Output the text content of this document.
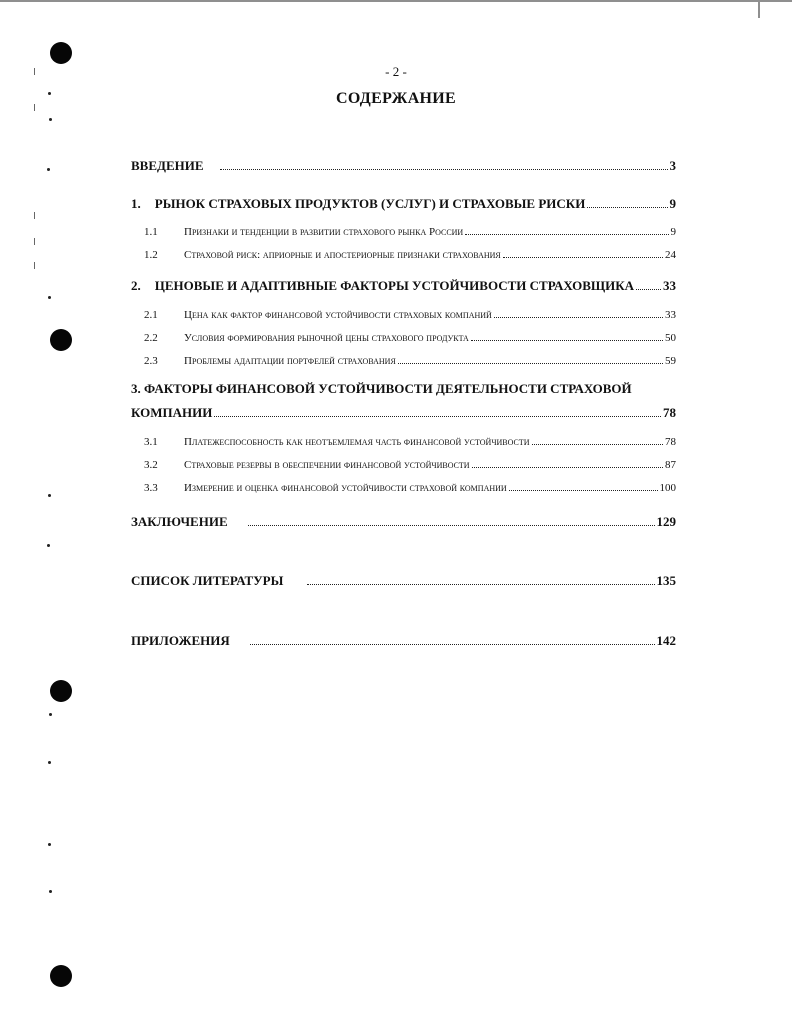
- 2 -
СОДЕРЖАНИЕ
ВВЕДЕНИЕ	3
1. РЫНОК СТРАХОВЫХ ПРОДУКТОВ (УСЛУГ) И СТРАХОВЫЕ РИСКИ	9
1.1	Признаки и тенденции в развитии страхового рынка России	9
1.2	Страховой риск: априорные и апостериорные признаки страхования	24
2. ЦЕНОВЫЕ И АДАПТИВНЫЕ ФАКТОРЫ УСТОЙЧИВОСТИ СТРАХОВЩИКА 33
2.1	Цена как фактор финансовой устойчивости страховых компаний	33
2.2	Условия формирования рыночной цены страхового продукта	50
2.3	Проблемы адаптации портфелей страхования	59
3. ФАКТОРЫ ФИНАНСОВОЙ УСТОЙЧИВОСТИ ДЕЯТЕЛЬНОСТИ СТРАХОВОЙ
КОМПАНИИ	78
3.1	Платежеспособность как неотъемлемая часть финансовой устойчивости	78
3.2	Страховые резервы в обеспечении финансовой устойчивости	87
3.3	Измерение и оценка финансовой устойчивости страховой компании	100
ЗАКЛЮЧЕНИЕ	129
СПИСОК ЛИТЕРАТУРЫ	135
ПРИЛОЖЕНИЯ	142
